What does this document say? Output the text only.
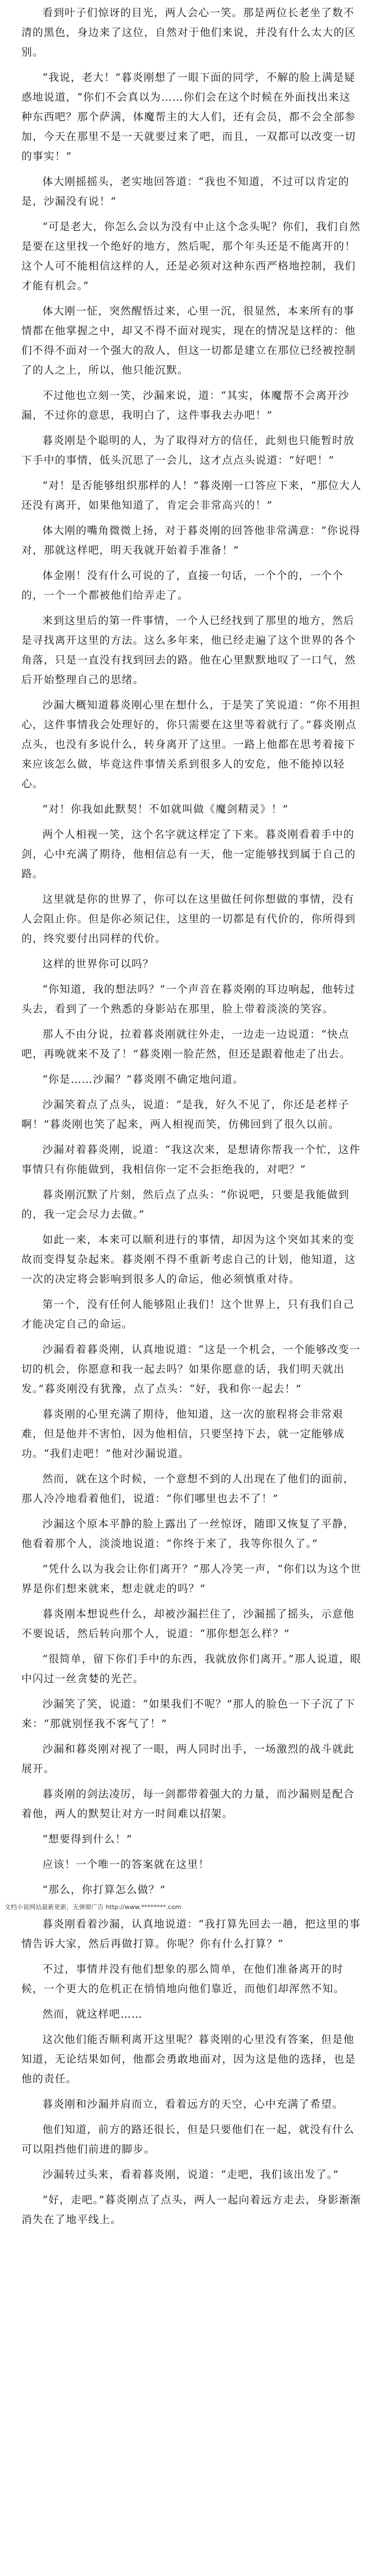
看到叶子们惊讶的目光，两人会心一笑。那是两位长老坐了数不清的黑色，身边来了这位，自然对于他们来说，并没有什么太大的区别。

“我说，老大！”暮炎刚想了一眼下面的同学，不解的脸上满是疑惑地说道，“你们不会真以为……你们会在这个时候在外面找出来这种东西吧？那个萨满，体魔帮主的大人们，还有会员，都不会全部参加，今天在那里不是一天就要过来了吧，而且，一双都可以改变一切的事实！”

体大刚摇摇头，老实地回答道：“我也不知道，不过可以肯定的是，沙漏没有说！”

“可是老大，你怎么会以为没有中止这个念头呢？你们，我们自然是要在这里找一个绝好的地方，然后呢，那个年头还是不能离开的！这个人可不能相信这样的人，还是必须对这种东西严格地控制，我们才能有机会。”

体大刚一怔，突然醒悟过来，心里一沉，很显然，本来所有的事情都在他掌握之中，却又不得不面对现实，现在的情况是这样的：他们不得不面对一个强大的敌人，但这一切都是建立在那位已经被控制了的人之上，所以，他只能沉默。

不过他也立刻一笑，沙漏来说，道：“其实，体魔帮不会离开沙漏，不过你的意思，我明白了，这件事我去办吧！”

暮炎刚是个聪明的人，为了取得对方的信任，此刻也只能暂时放下手中的事情，低头沉思了一会儿，这才点点头说道：“好吧！”

“对！是否能够组织那样的人！”暮炎刚一口答应下来，“那位大人还没有离开，如果他知道了，肯定会非常高兴的！”

体大刚的嘴角微微上扬，对于暮炎刚的回答他非常满意：“你说得对，那就这样吧，明天我就开始着手准备！”

体金刚！没有什么可说的了，直接一句话，一个个的，一个个的，一个一个都被他们给弄走了。

来到这里后的第一件事情，一个人已经找到了那里的地方，然后是寻找离开这里的方法。这么多年来，他已经走遍了这个世界的各个角落，只是一直没有找到回去的路。他在心里默默地叹了一口气，然后开始整理自己的思绪。

沙漏大概知道暮炎刚心里在想什么，于是笑了笑说道：“你不用担心，这件事情我会处理好的，你只需要在这里等着就行了。”暮炎刚点点头，也没有多说什么，转身离开了这里。一路上他都在思考着接下来应该怎么做，毕竟这件事情关系到很多人的安危，他不能掉以轻心。

“对！你我如此默契！不如就叫做《魔剑精灵》！”

两个人相视一笑，这个名字就这样定了下来。暮炎刚看着手中的剑，心中充满了期待，他相信总有一天，他一定能够找到属于自己的路。

这里就是你的世界了，你可以在这里做任何你想做的事情，没有人会阻止你。但是你必须记住，这里的一切都是有代价的，你所得到的，终究要付出同样的代价。

这样的世界你可以吗？

“你知道，我的想法吗？”一个声音在暮炎刚的耳边响起，他转过头去，看到了一个熟悉的身影站在那里，脸上带着淡淡的笑容。

那人不由分说，拉着暮炎刚就往外走，一边走一边说道：“快点吧，再晚就来不及了！”暮炎刚一脸茫然，但还是跟着他走了出去。

“你是……沙漏？”暮炎刚不确定地问道。

沙漏笑着点了点头，说道：“是我，好久不见了，你还是老样子啊！”暮炎刚也笑了起来，两人相视而笑，仿佛回到了很久以前。

沙漏对着暮炎刚，说道：“我这次来，是想请你帮我一个忙，这件事情只有你能做到，我相信你一定不会拒绝我的，对吧？”

暮炎刚沉默了片刻，然后点了点头：“你说吧，只要是我能做到的，我一定会尽力去做。”

如此一来，本来可以顺利进行的事情，却因为这个突如其来的变故而变得复杂起来。暮炎刚不得不重新考虑自己的计划，他知道，这一次的决定将会影响到很多人的命运，他必须慎重对待。

第一个，没有任何人能够阻止我们！这个世界上，只有我们自己才能决定自己的命运。

沙漏看着暮炎刚，认真地说道：“这是一个机会，一个能够改变一切的机会，你愿意和我一起去吗？如果你愿意的话，我们明天就出发。”暮炎刚没有犹豫，点了点头：“好，我和你一起去！”

暮炎刚的心里充满了期待，他知道，这一次的旅程将会非常艰难，但是他并不害怕，因为他相信，只要坚持下去，就一定能够成功。“我们走吧！”他对沙漏说道。

然而，就在这个时候，一个意想不到的人出现在了他们的面前，那人冷冷地看着他们，说道：“你们哪里也去不了！”

沙漏这个原本平静的脸上露出了一丝惊讶，随即又恢复了平静，他看着那个人，淡淡地说道：“你终于来了，我等你很久了。”

“凭什么以为我会让你们离开？”那人冷笑一声，“你们以为这个世界是你们想来就来，想走就走的吗？”

暮炎刚本想说些什么，却被沙漏拦住了，沙漏摇了摇头，示意他不要说话，然后转向那个人，说道：“那你想怎么样？”

“很简单，留下你们手中的东西，我就放你们离开。”那人说道，眼中闪过一丝贪婪的光芒。

沙漏笑了笑，说道：“如果我们不呢？”那人的脸色一下子沉了下来：“那就别怪我不客气了！”

沙漏和暮炎刚对视了一眼，两人同时出手，一场激烈的战斗就此展开。

暮炎刚的剑法凌厉，每一剑都带着强大的力量，而沙漏则是配合着他，两人的默契让对方一时间难以招架。

“想要得到什么！”

应该！一个唯一的答案就在这里！

“那么，你打算怎么做？”

文档小说网站最新更新，无弹窗广告 http://www.********.com

暮炎刚看着沙漏，认真地说道：“我打算先回去一趟，把这里的事情告诉大家，然后再做打算。你呢？你有什么打算？”

不过，事情并没有他们想象的那么简单，在他们准备离开的时候，一个更大的危机正在悄悄地向他们靠近，而他们却浑然不知。

然而，就这样吧……

这次他们能否顺利离开这里呢？暮炎刚的心里没有答案，但是他知道，无论结果如何，他都会勇敢地面对，因为这是他的选择，也是他的责任。

暮炎刚和沙漏并肩而立，看着远方的天空，心中充满了希望。

他们知道，前方的路还很长，但是只要他们在一起，就没有什么可以阻挡他们前进的脚步。

沙漏转过头来，看着暮炎刚，说道：“走吧，我们该出发了。”

“好，走吧。”暮炎刚点了点头，两人一起向着远方走去，身影渐渐消失在了地平线上。
